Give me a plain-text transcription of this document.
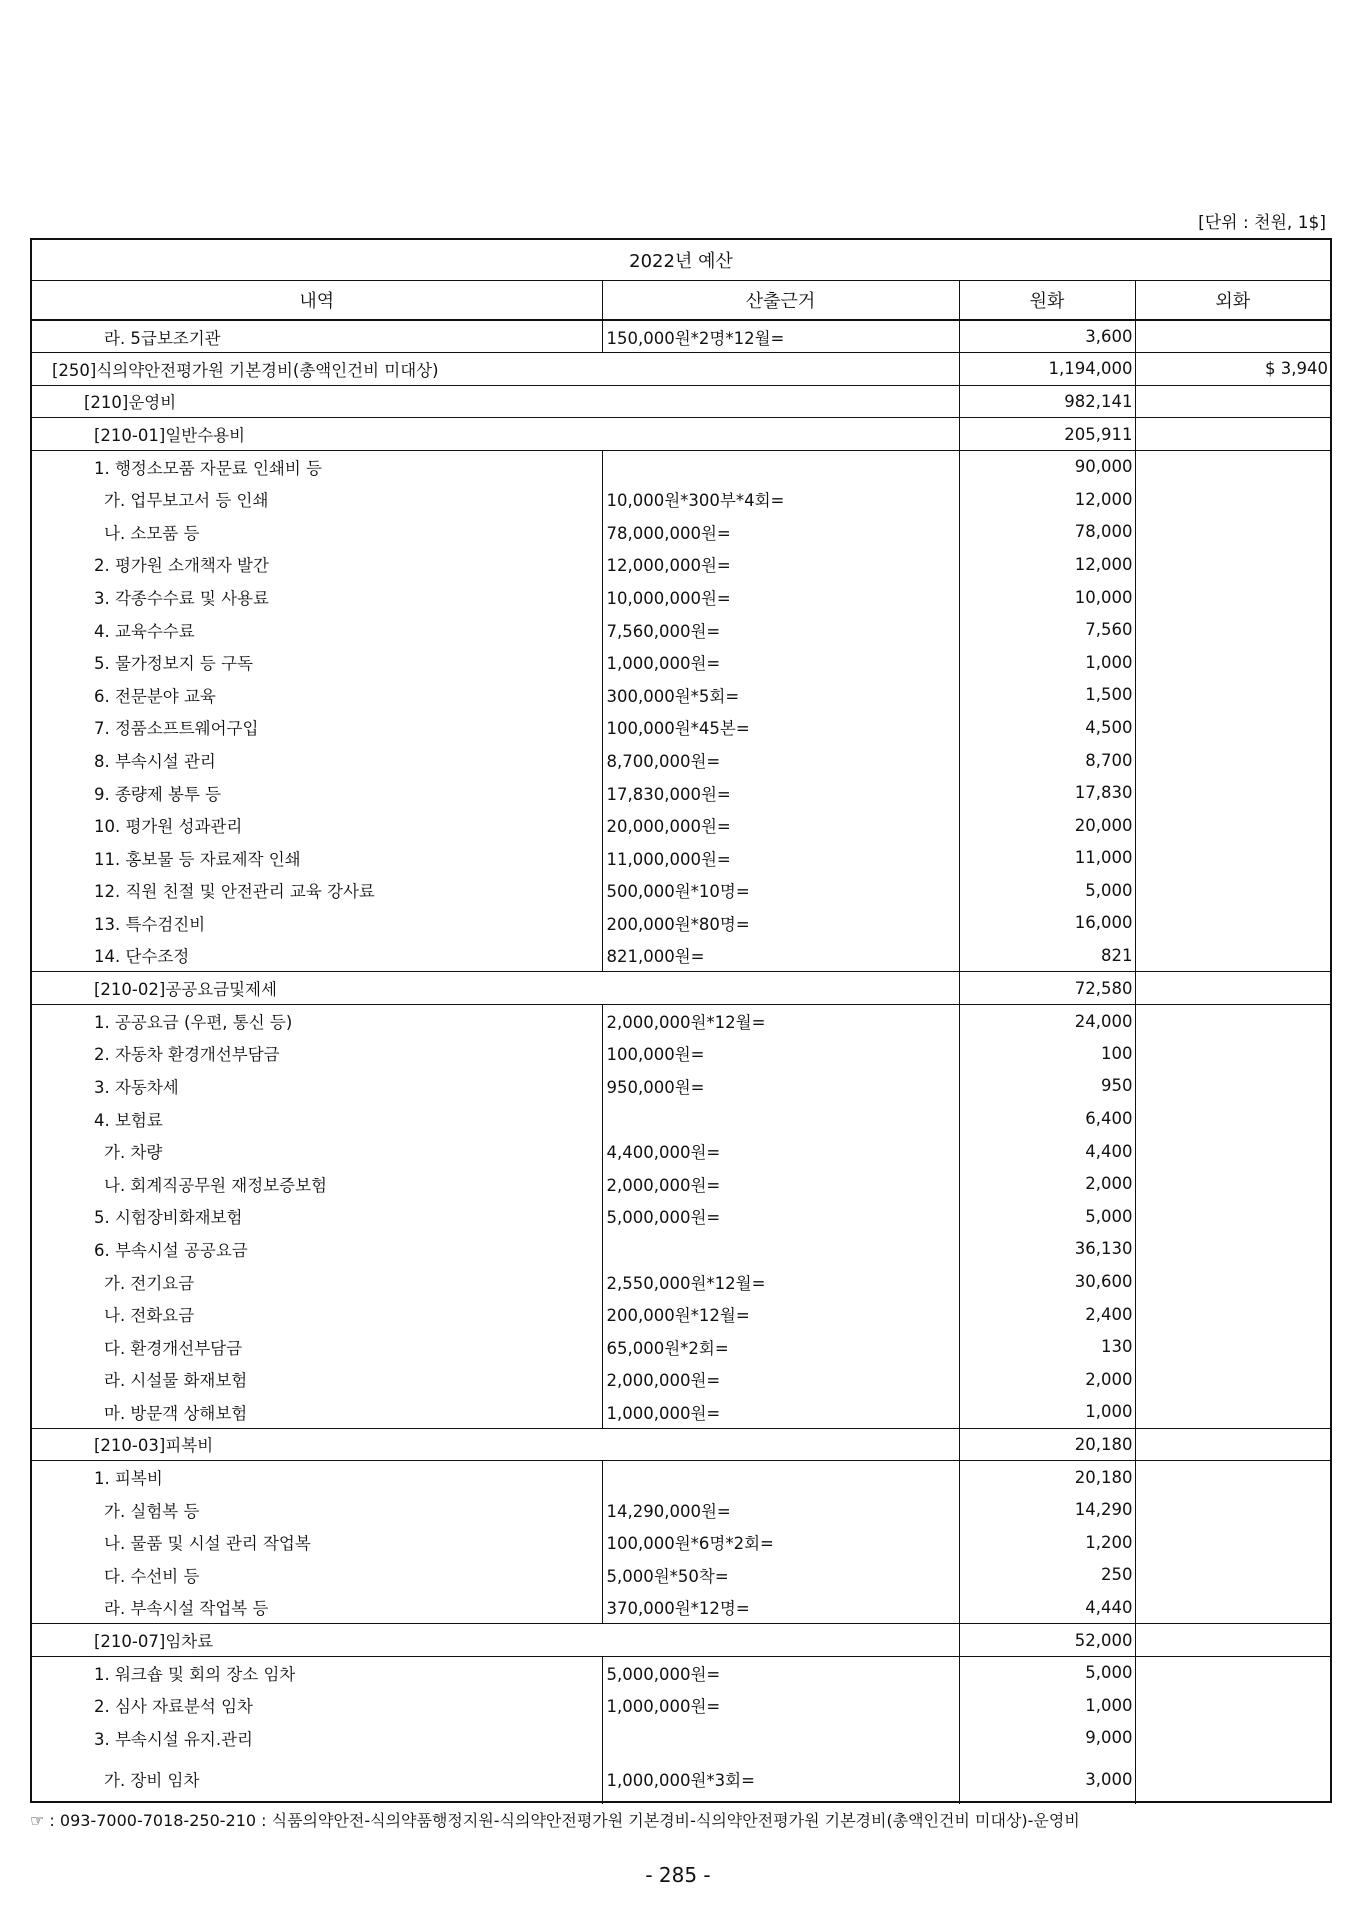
[단위 : 천원, 1$]
2022년 예산			
내역	산출근거	원화	외화
라. 5급보조기관	150,000원*2명*12월=	3,600	
[250]식의약안전평가원 기본경비(총액인건비 미대상)		1,194,000	$ 3,940
[210]운영비		982,141	
[210-01]일반수용비		205,911	
1. 행정소모품 자문료 인쇄비 등		90,000	
가. 업무보고서 등 인쇄	10,000원*300부*4회=	12,000	
나. 소모품 등	78,000,000원=	78,000	
2. 평가원 소개책자 발간	12,000,000원=	12,000	
3. 각종수수료 및 사용료	10,000,000원=	10,000	
4. 교육수수료	7,560,000원=	7,560	
5. 물가정보지 등 구독	1,000,000원=	1,000	
6. 전문분야 교육	300,000원*5회=	1,500	
7. 정품소프트웨어구입	100,000원*45본=	4,500	
8. 부속시설 관리	8,700,000원=	8,700	
9. 종량제 봉투 등	17,830,000원=	17,830	
10. 평가원 성과관리	20,000,000원=	20,000	
11. 홍보물 등 자료제작 인쇄	11,000,000원=	11,000	
12. 직원 친절 및 안전관리 교육 강사료	500,000원*10명=	5,000	
13. 특수검진비	200,000원*80명=	16,000	
14. 단수조정	821,000원=	821	
[210-02]공공요금및제세		72,580	
1. 공공요금 (우편, 통신 등)	2,000,000원*12월=	24,000	
2. 자동차 환경개선부담금	100,000원=	100	
3. 자동차세	950,000원=	950	
4. 보험료		6,400	
가. 차량	4,400,000원=	4,400	
나. 회계직공무원 재정보증보험	2,000,000원=	2,000	
5. 시험장비화재보험	5,000,000원=	5,000	
6. 부속시설 공공요금		36,130	
가. 전기요금	2,550,000원*12월=	30,600	
나. 전화요금	200,000원*12월=	2,400	
다. 환경개선부담금	65,000원*2회=	130	
라. 시설물 화재보험	2,000,000원=	2,000	
마. 방문객 상해보험	1,000,000원=	1,000	
[210-03]피복비		20,180	
1. 피복비		20,180	
가. 실험복 등	14,290,000원=	14,290	
나. 물품 및 시설 관리 작업복	100,000원*6명*2회=	1,200	
다. 수선비 등	5,000원*50착=	250	
라. 부속시설 작업복 등	370,000원*12명=	4,440	
[210-07]임차료		52,000	
1. 워크숍 및 회의 장소 임차	5,000,000원=	5,000	
2. 심사 자료분석 임차	1,000,000원=	1,000	
3. 부속시설 유지.관리		9,000	
가. 장비 임차	1,000,000원*3회=	3,000	
☞ : 093-7000-7018-250-210 : 식품의약안전-식의약품행정지원-식의약안전평가원 기본경비-식의약안전평가원 기본경비(총액인건비 미대상)-운영비
- 285 -
